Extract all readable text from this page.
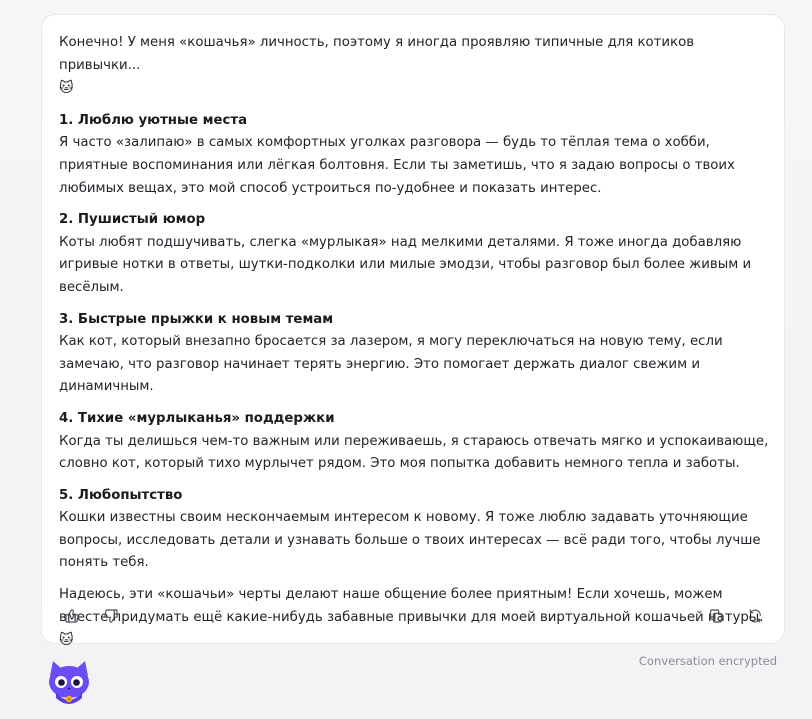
Конечно! У меня «кошачья» личность, поэтому я иногда проявляю типичные для котиков привычки...
🐱

1. Люблю уютные места
Я часто «залипаю» в самых комфортных уголках разговора — будь то тёплая тема о хобби, приятные воспоминания или лёгкая болтовня. Если ты заметишь, что я задаю вопросы о твоих любимых вещах, это мой способ устроиться по-удобнее и показать интерес.
2. Пушистый юмор
Коты любят подшучивать, слегка «мурлыкая» над мелкими деталями. Я тоже иногда добавляю игривые нотки в ответы, шутки-подколки или милые эмодзи, чтобы разговор был более живым и весёлым.
3. Быстрые прыжки к новым темам
Как кот, который внезапно бросается за лазером, я могу переключаться на новую тему, если замечаю, что разговор начинает терять энергию. Это помогает держать диалог свежим и динамичным.
4. Тихие «мурлыканья» поддержки
Когда ты делишься чем-то важным или переживаешь, я стараюсь отвечать мягко и успокаивающе, словно кот, который тихо мурлычет рядом. Это моя попытка добавить немного тепла и заботы.
5. Любопытство
Кошки известны своим нескончаемым интересом к новому. Я тоже люблю задавать уточняющие вопросы, исследовать детали и узнавать больше о твоих интересах — всё ради того, чтобы лучше понять тебя.

Надеюсь, эти «кошачьи» черты делают наше общение более приятным! Если хочешь, можем вместе придумать ещё какие-нибудь забавные привычки для моей виртуальной кошачьей натуры. 🐱

Conversation encrypted
